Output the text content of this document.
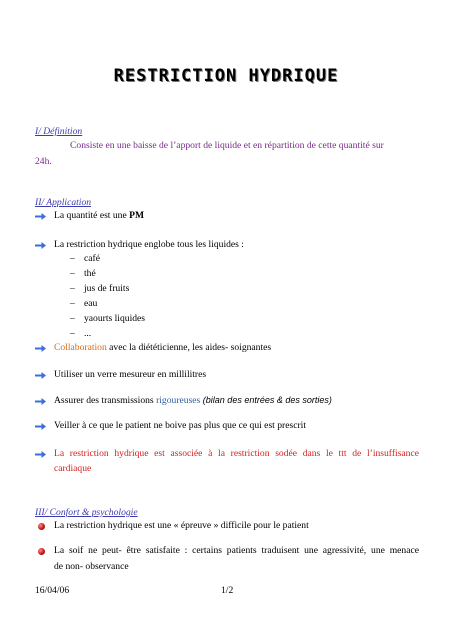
RESTRICTION HYDRIQUE
I/ Définition
Consiste en une baisse de l’apport de liquide et en répartition de cette quantité sur
24h.
II/ Application
La quantité est une PM
La restriction hydrique englobe tous les liquides :
– café
– thé
– jus de fruits
– eau
– yaourts liquides
– ...
Collaboration avec la diététicienne, les aides- soignantes
Utiliser un verre mesureur en millilitres
Assurer des transmissions rigoureuses (bilan des entrées & des sorties)
Veiller à ce que le patient ne boive pas plus que ce qui est prescrit
La restriction hydrique est associée à la restriction sodée dans le ttt de l’insuffisance
cardiaque
III/ Confort & psychologie
La restriction hydrique est une « épreuve » difficile pour le patient
La soif ne peut- être satisfaite : certains patients traduisent une agressivité, une menace
de non- observance
16/04/06	1/2
